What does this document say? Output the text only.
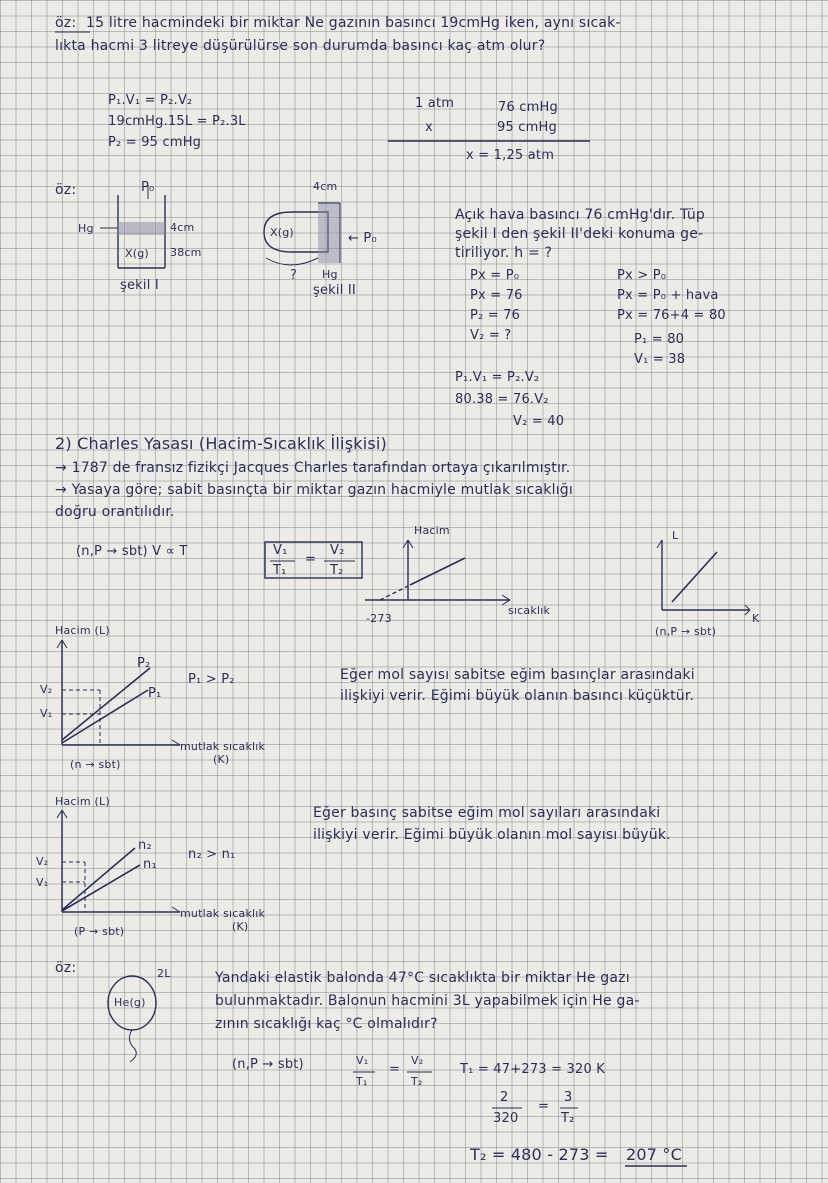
öz: 15 litre hacmindeki bir miktar Ne gazının basıncı 19cmHg iken, aynı sıcak-
lıkta hacmi 3 litreye düşürülürse son durumda basıncı kaç atm olur?
P₁.V₁ = P₂.V₂
19cmHg.15L = P₂.3L
P₂ = 95 cmHg
1 atm	76 cmHg
x	95 cmHg
x = 1,25 atm
öz:	P₀
Hg	4cm
38cm
X(g)
şekil I
4cm
X(g)	← P₀
? Hg
şekil II
Açık hava basıncı 76 cmHg'dır. Tüp
şekil I den şekil II'deki konuma ge-
tiriliyor. h = ?
Px = P₀
Px = 76
P₂ = 76
V₂ = ?
Px > P₀
Px = P₀ + hava
Px = 76+4 = 80
P₁ = 80
V₁ = 38
P₁.V₁ = P₂.V₂
80.38 = 76.V₂
V₂ = 40
2) Charles Yasası (Hacim-Sıcaklık İlişkisi)
→ 1787 de fransız fizikçi Jacques Charles tarafından ortaya çıkarılmıştır.
→ Yasaya göre; sabit basınçta bir miktar gazın hacmiyle mutlak sıcaklığı
doğru orantılıdır.
(n,P → sbt) V ∝ T	V₁
T₁
=
V₂
T₂
Hacim
-273
sıcaklık
L
K
(n,P → sbt)
Hacim (L)
P₂
P₁
P₁ > P₂
V₂
V₁
(n → sbt)
mutlak sıcaklık
(K)
Eğer mol sayısı sabitse eğim basınçlar arasındaki
ilişkiyi verir. Eğimi büyük olanın basıncı küçüktür.
Hacim (L)
n₂
n₁
n₂ > n₁
V₂
V₁
(P → sbt)
mutlak sıcaklık
(K)
Eğer basınç sabitse eğim mol sayıları arasındaki
ilişkiyi verir. Eğimi büyük olanın mol sayısı büyük.
öz:	2L
He(g)
Yandaki elastik balonda 47°C sıcaklıkta bir miktar He gazı
bulunmaktadır. Balonun hacmini 3L yapabilmek için He ga-
zının sıcaklığı kaç °C olmalıdır?
(n,P → sbt)	V₁
T₁
=
V₂
T₂
T₁ = 47+273 = 320 K
2
320
=
3
T₂
T₂ = 480 - 273 = 207 °C
